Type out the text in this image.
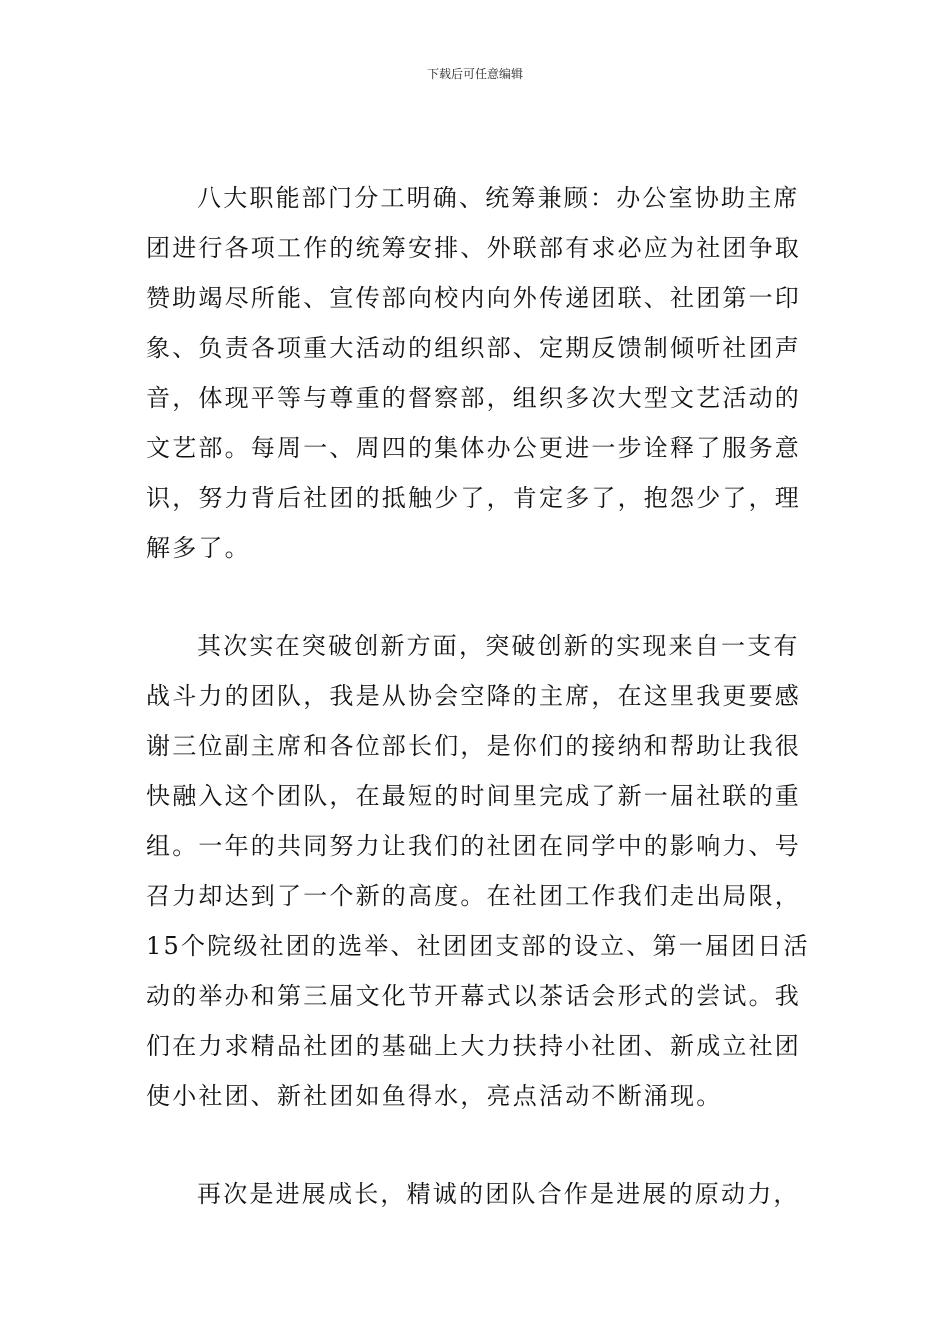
下载后可任意编辑
八大职能部门分工明确、统筹兼顾：办公室协助主席
团进行各项工作的统筹安排、外联部有求必应为社团争取
赞助竭尽所能、宣传部向校内向外传递团联、社团第一印
象、负责各项重大活动的组织部、定期反馈制倾听社团声
音，体现平等与尊重的督察部，组织多次大型文艺活动的
文艺部。每周一、周四的集体办公更进一步诠释了服务意
识，努力背后社团的抵触少了，肯定多了，抱怨少了，理
解多了。
其次实在突破创新方面，突破创新的实现来自一支有
战斗力的团队，我是从协会空降的主席，在这里我更要感
谢三位副主席和各位部长们，是你们的接纳和帮助让我很
快融入这个团队，在最短的时间里完成了新一届社联的重
组。一年的共同努力让我们的社团在同学中的影响力、号
召力却达到了一个新的高度。在社团工作我们走出局限，
15个院级社团的选举、社团团支部的设立、第一届团日活
动的举办和第三届文化节开幕式以茶话会形式的尝试。我
们在力求精品社团的基础上大力扶持小社团、新成立社团
使小社团、新社团如鱼得水，亮点活动不断涌现。
再次是进展成长，精诚的团队合作是进展的原动力，
